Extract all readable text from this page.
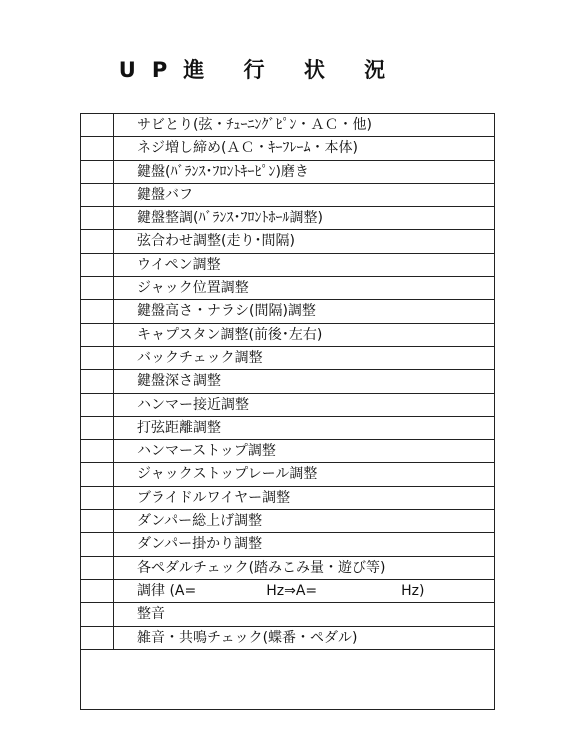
UP進 行 状 況
サビとり(弦・ﾁｭｰﾆﾝｸﾞﾋﾟﾝ・ＡＣ・他)
ネジ増し締め(ＡＣ・ｷｰﾌﾚｰﾑ・本体)
鍵盤(ﾊﾞﾗﾝｽ･ﾌﾛﾝﾄｷｰﾋﾟﾝ)磨き
鍵盤バフ
鍵盤整調(ﾊﾞﾗﾝｽ･ﾌﾛﾝﾄﾎｰﾙ調整)
弦合わせ調整(走り･間隔)
ウイペン調整
ジャック位置調整
鍵盤高さ・ナラシ(間隔)調整
キャプスタン調整(前後･左右)
バックチェック調整
鍵盤深さ調整
ハンマー接近調整
打弦距離調整
ハンマーストップ調整
ジャックストップレール調整
ブライドルワイヤー調整
ダンパー総上げ調整
ダンパー掛かり調整
各ペダルチェック(踏みこみ量・遊び等)
調律 (A=　　　　　Hz⇒A=　　　　　　Hz)
整音
雑音・共鳴チェック(蝶番・ペダル)
